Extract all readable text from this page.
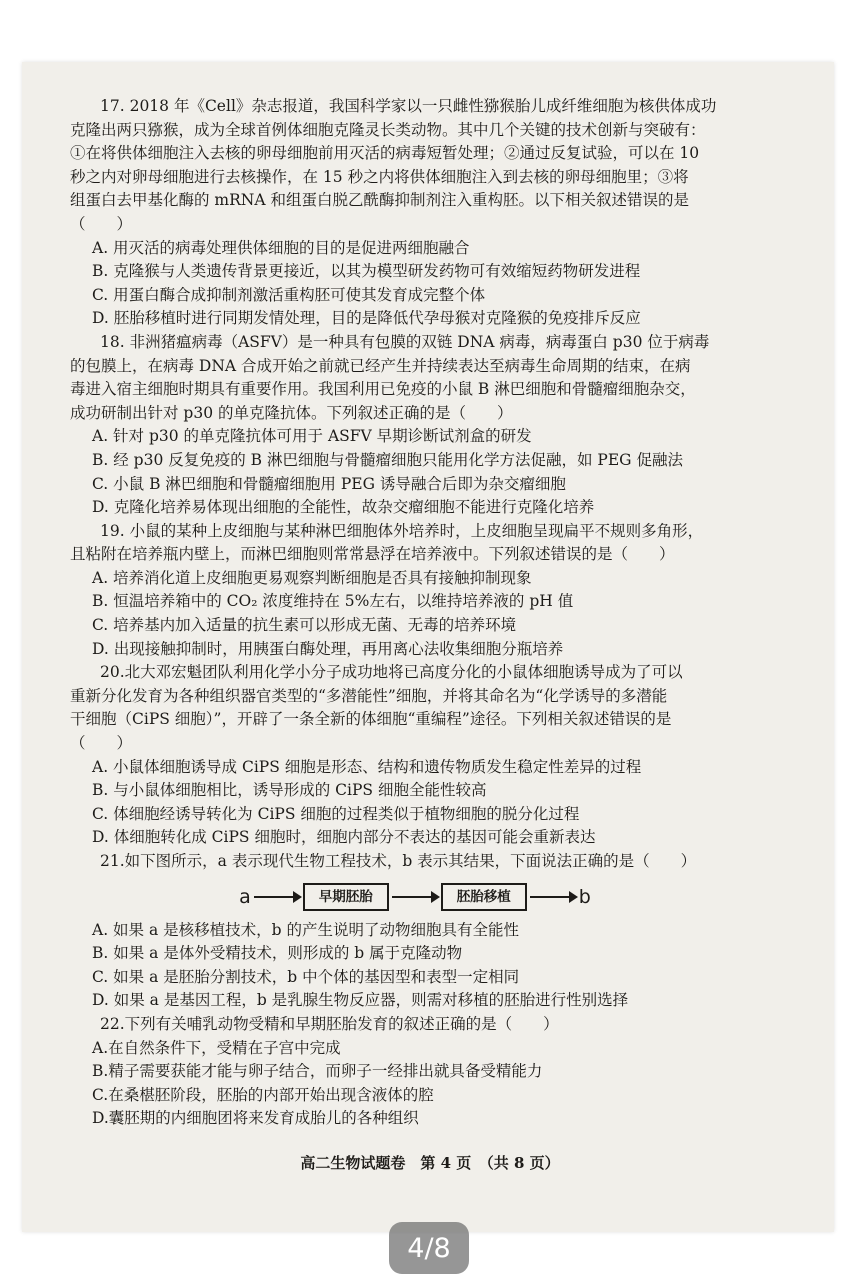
17. 2018 年《Cell》杂志报道，我国科学家以一只雌性猕猴胎儿成纤维细胞为核供体成功
克隆出两只猕猴，成为全球首例体细胞克隆灵长类动物。其中几个关键的技术创新与突破有：
①在将供体细胞注入去核的卵母细胞前用灭活的病毒短暂处理；②通过反复试验，可以在 10
秒之内对卵母细胞进行去核操作，在 15 秒之内将供体细胞注入到去核的卵母细胞里；③将
组蛋白去甲基化酶的 mRNA 和组蛋白脱乙酰酶抑制剂注入重构胚。以下相关叙述错误的是
（　　）
A. 用灭活的病毒处理供体细胞的目的是促进两细胞融合
B. 克隆猴与人类遗传背景更接近，以其为模型研发药物可有效缩短药物研发进程
C. 用蛋白酶合成抑制剂激活重构胚可使其发育成完整个体
D. 胚胎移植时进行同期发情处理，目的是降低代孕母猴对克隆猴的免疫排斥反应
18. 非洲猪瘟病毒（ASFV）是一种具有包膜的双链 DNA 病毒，病毒蛋白 p30 位于病毒
的包膜上，在病毒 DNA 合成开始之前就已经产生并持续表达至病毒生命周期的结束，在病
毒进入宿主细胞时期具有重要作用。我国利用已免疫的小鼠 B 淋巴细胞和骨髓瘤细胞杂交，
成功研制出针对 p30 的单克隆抗体。下列叙述正确的是（　　）
A. 针对 p30 的单克隆抗体可用于 ASFV 早期诊断试剂盒的研发
B. 经 p30 反复免疫的 B 淋巴细胞与骨髓瘤细胞只能用化学方法促融，如 PEG 促融法
C. 小鼠 B 淋巴细胞和骨髓瘤细胞用 PEG 诱导融合后即为杂交瘤细胞
D. 克隆化培养易体现出细胞的全能性，故杂交瘤细胞不能进行克隆化培养
19. 小鼠的某种上皮细胞与某种淋巴细胞体外培养时，上皮细胞呈现扁平不规则多角形，
且粘附在培养瓶内壁上，而淋巴细胞则常常悬浮在培养液中。下列叙述错误的是（　　）
A. 培养消化道上皮细胞更易观察判断细胞是否具有接触抑制现象
B. 恒温培养箱中的 CO₂ 浓度维持在 5%左右，以维持培养液的 pH 值
C. 培养基内加入适量的抗生素可以形成无菌、无毒的培养环境
D. 出现接触抑制时，用胰蛋白酶处理，再用离心法收集细胞分瓶培养
20.北大邓宏魁团队利用化学小分子成功地将已高度分化的小鼠体细胞诱导成为了可以
重新分化发育为各种组织器官类型的“多潜能性”细胞，并将其命名为“化学诱导的多潜能
干细胞（CiPS 细胞）”，开辟了一条全新的体细胞“重编程”途径。下列相关叙述错误的是
（　　）
A. 小鼠体细胞诱导成 CiPS 细胞是形态、结构和遗传物质发生稳定性差异的过程
B. 与小鼠体细胞相比，诱导形成的 CiPS 细胞全能性较高
C. 体细胞经诱导转化为 CiPS 细胞的过程类似于植物细胞的脱分化过程
D. 体细胞转化成 CiPS 细胞时，细胞内部分不表达的基因可能会重新表达
21.如下图所示，a 表示现代生物工程技术，b 表示其结果，下面说法正确的是（　　）
a	早期胚胎	胚胎移植	b
A. 如果 a 是核移植技术，b 的产生说明了动物细胞具有全能性
B. 如果 a 是体外受精技术，则形成的 b 属于克隆动物
C. 如果 a 是胚胎分割技术，b 中个体的基因型和表型一定相同
D. 如果 a 是基因工程，b 是乳腺生物反应器，则需对移植的胚胎进行性别选择
22.下列有关哺乳动物受精和早期胚胎发育的叙述正确的是（　　）
A.在自然条件下，受精在子宫中完成
B.精子需要获能才能与卵子结合，而卵子一经排出就具备受精能力
C.在桑椹胚阶段，胚胎的内部开始出现含液体的腔
D.囊胚期的内细胞团将来发育成胎儿的各种组织
高二生物试题卷　第 4 页　（共 8 页）
4/8
